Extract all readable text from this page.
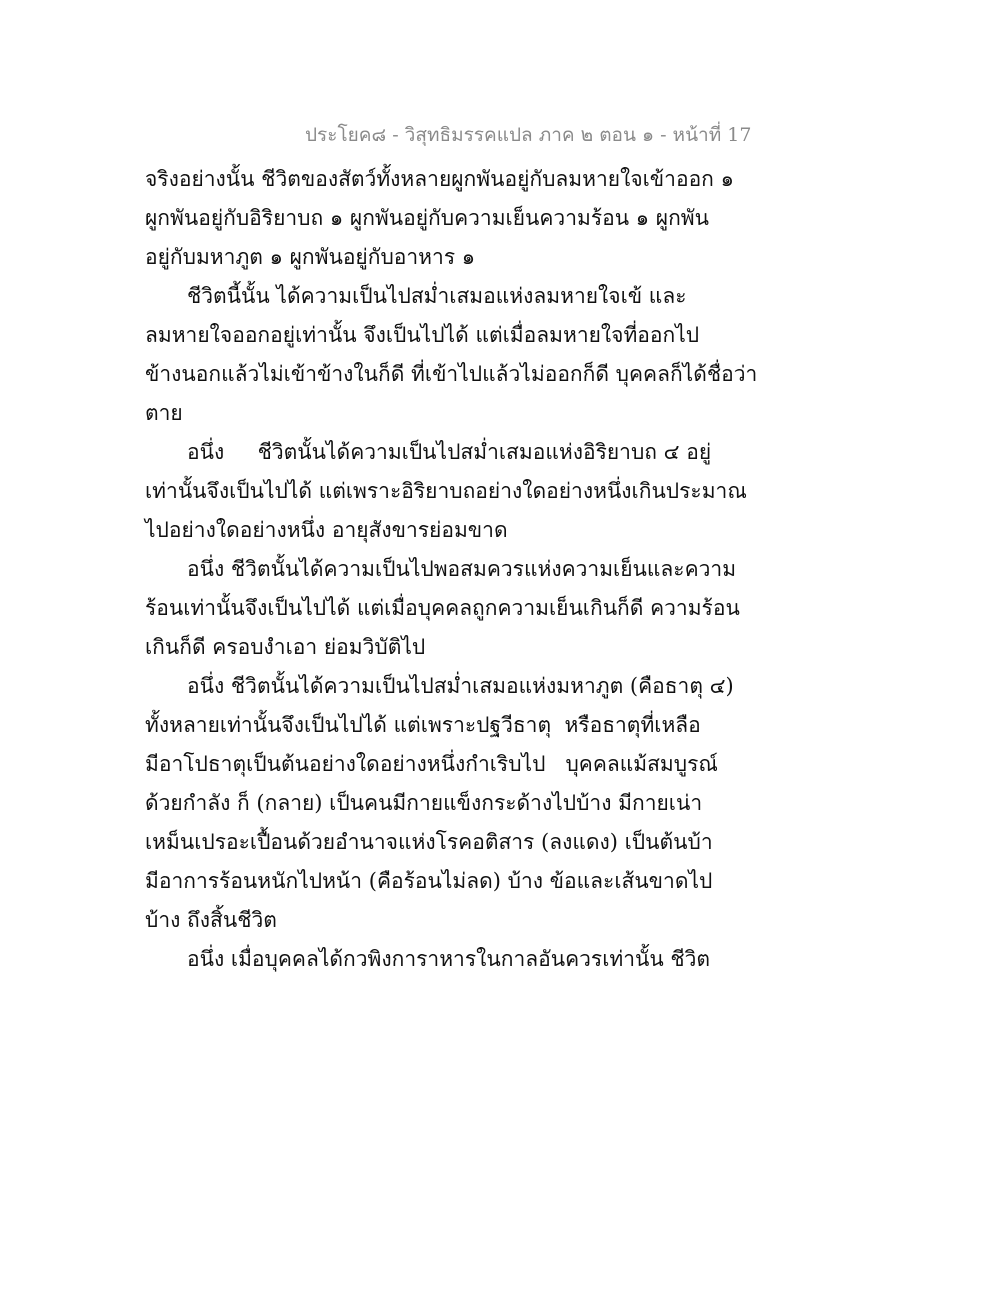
ประโยค๘ - วิสุทธิมรรคแปล ภาค ๒ ตอน ๑ - หน้าที่ 17
จริงอย่างนั้น ชีวิตของสัตว์ทั้งหลายผูกพันอยู่กับลมหายใจเข้าออก ๑
ผูกพันอยู่กับอิริยาบถ ๑ ผูกพันอยู่กับความเย็นความร้อน ๑ ผูกพัน
อยู่กับมหาภูต ๑ ผูกพันอยู่กับอาหาร ๑
ชีวิตนี้นั้น ได้ความเป็นไปสม่ำเสมอแห่งลมหายใจเข้ และ
ลมหายใจออกอยู่เท่านั้น จึงเป็นไปได้ แต่เมื่อลมหายใจที่ออกไป
ข้างนอกแล้วไม่เข้าข้างในก็ดี ที่เข้าไปแล้วไม่ออกก็ดี บุคคลก็ได้ชื่อว่า
ตาย
อนึ่ง     ชีวิตนั้นได้ความเป็นไปสม่ำเสมอแห่งอิริยาบถ ๔ อยู่
เท่านั้นจึงเป็นไปได้ แต่เพราะอิริยาบถอย่างใดอย่างหนึ่งเกินประมาณ
ไปอย่างใดอย่างหนึ่ง อายุสังขารย่อมขาด
อนึ่ง ชีวิตนั้นได้ความเป็นไปพอสมควรแห่งความเย็นและความ
ร้อนเท่านั้นจึงเป็นไปได้ แต่เมื่อบุคคลถูกความเย็นเกินก็ดี ความร้อน
เกินก็ดี ครอบงำเอา ย่อมวิบัติไป
อนึ่ง ชีวิตนั้นได้ความเป็นไปสม่ำเสมอแห่งมหาภูต (คือธาตุ ๔)
ทั้งหลายเท่านั้นจึงเป็นไปได้ แต่เพราะปฐวีธาตุ  หรือธาตุที่เหลือ
มีอาโปธาตุเป็นต้นอย่างใดอย่างหนึ่งกำเริบไป   บุคคลแม้สมบูรณ์
ด้วยกำลัง ก็ (กลาย) เป็นคนมีกายแข็งกระด้างไปบ้าง มีกายเน่า
เหม็นเปรอะเปื้อนด้วยอำนาจแห่งโรคอติสาร (ลงแดง) เป็นต้นบ้า
มีอาการร้อนหนักไปหน้า (คือร้อนไม่ลด) บ้าง ข้อและเส้นขาดไป
บ้าง ถึงสิ้นชีวิต
อนึ่ง เมื่อบุคคลได้กวพิงการาหารในกาลอันควรเท่านั้น ชีวิต
